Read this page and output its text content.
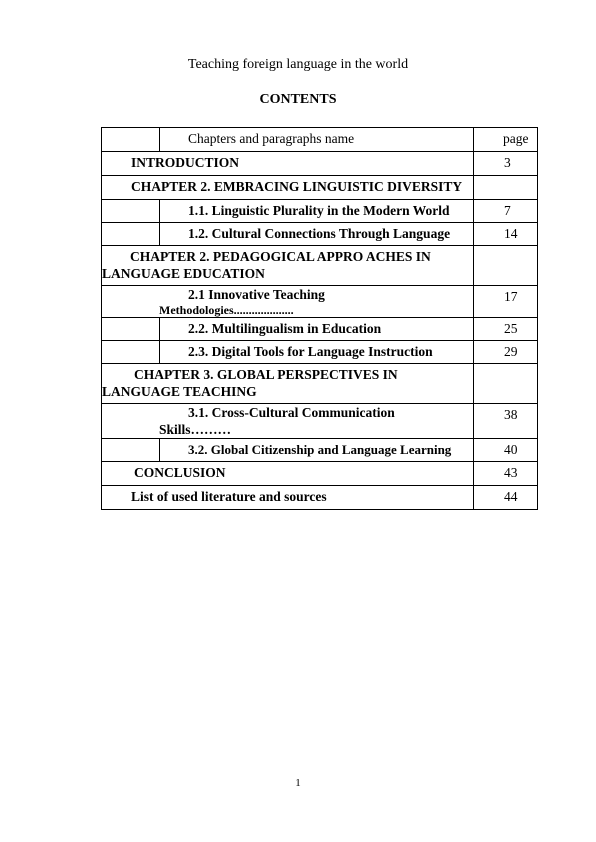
Teaching foreign language in the world
CONTENTS
	Chapters and paragraphs name	page
INTRODUCTION		3
CHAPTER 2. EMBRACING LINGUISTIC DIVERSITY		
	1.1. Linguistic Plurality in the Modern World	7
	1.2. Cultural Connections Through Language	14

CHAPTER 2. PEDAGOGICAL APPRO ACHES IN
LANGUAGE EDUCATION		

2.1 Innovative Teaching
Methodologies....................		17
	2.2. Multilingualism in Education	25
	2.3. Digital Tools for Language Instruction	29

CHAPTER 3. GLOBAL PERSPECTIVES IN
LANGUAGE TEACHING		

3.1. Cross-Cultural Communication
Skills………		38
	3.2. Global Citizenship and Language Learning	40
CONCLUSION		43
List of used literature and sources		44
1
